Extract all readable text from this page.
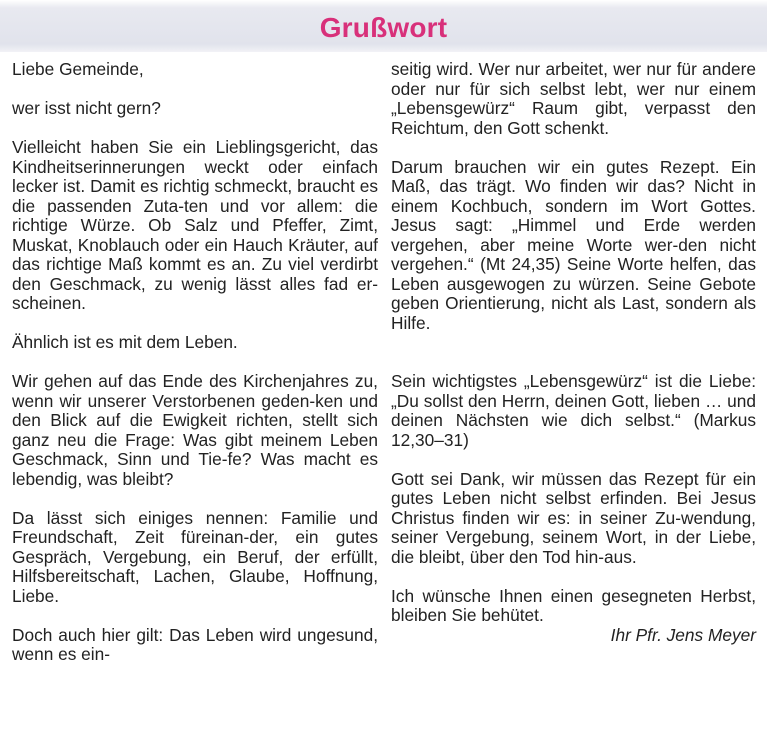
Grußwort

Liebe Gemeinde,

wer isst nicht gern?

Vielleicht haben Sie ein Lieblingsgericht, das Kindheitserinnerungen weckt oder einfach lecker ist. Damit es richtig schmeckt, braucht es die passenden Zuta-ten und vor allem: die richtige Würze. Ob Salz und Pfeffer, Zimt, Muskat, Knoblauch oder ein Hauch Kräuter, auf das richtige Maß kommt es an. Zu viel verdirbt den Geschmack, zu wenig lässt alles fad er-scheinen.

Ähnlich ist es mit dem Leben.

Wir gehen auf das Ende des Kirchenjahres zu, wenn wir unserer Verstorbenen geden-ken und den Blick auf die Ewigkeit richten, stellt sich ganz neu die Frage: Was gibt meinem Leben Geschmack, Sinn und Tie-fe? Was macht es lebendig, was bleibt?

Da lässt sich einiges nennen: Familie und Freundschaft, Zeit füreinan-der, ein gutes Gespräch, Vergebung, ein Beruf, der erfüllt, Hilfsbereitschaft, Lachen, Glaube, Hoffnung, Liebe.

Doch auch hier gilt: Das Leben wird ungesund, wenn es ein-

seitig wird. Wer nur arbeitet, wer nur für andere oder nur für sich selbst lebt, wer nur einem „Lebensgewürz“ Raum gibt, verpasst den Reichtum, den Gott schenkt.

Darum brauchen wir ein gutes Rezept. Ein Maß, das trägt. Wo finden wir das? Nicht in einem Kochbuch, sondern im Wort Gottes. Jesus sagt: „Himmel und Erde werden vergehen, aber meine Worte wer-den nicht vergehen.“ (Mt 24,35) Seine Worte helfen, das Leben ausgewogen zu würzen. Seine Gebote geben Orientierung, nicht als Last, sondern als Hilfe.

Sein wichtigstes „Lebensgewürz“ ist die Liebe: „Du sollst den Herrn, deinen Gott, lieben … und deinen Nächsten wie dich selbst.“ (Markus 12,30–31)

Gott sei Dank, wir müssen das Rezept für ein gutes Leben nicht selbst erfinden. Bei Jesus Christus finden wir es: in seiner Zu-wendung, seiner Vergebung, seinem Wort, in der Liebe, die bleibt, über den Tod hin-aus.

Ich wünsche Ihnen einen gesegneten Herbst, bleiben Sie behütet.

Ihr Pfr. Jens Meyer
